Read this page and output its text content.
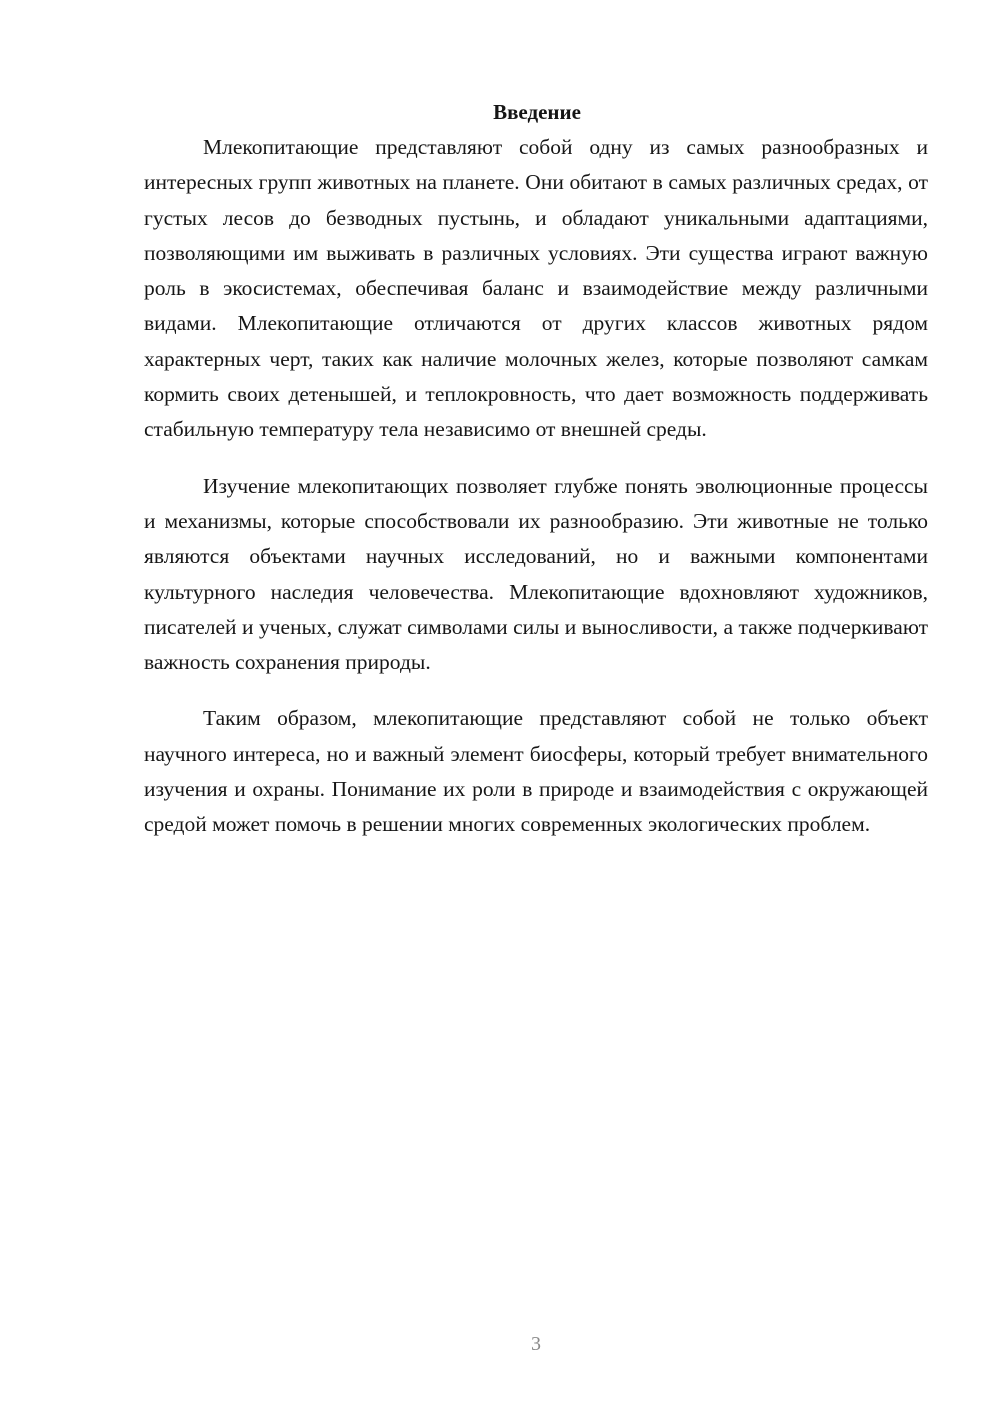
Введение

Млекопитающие представляют собой одну из самых разнообразных и интересных групп животных на планете. Они обитают в самых различных средах, от густых лесов до безводных пустынь, и обладают уникальными адаптациями, позволяющими им выживать в различных условиях. Эти существа играют важную роль в экосистемах, обеспечивая баланс и взаимодействие между различными видами. Млекопитающие отличаются от других классов животных рядом характерных черт, таких как наличие молочных желез, которые позволяют самкам кормить своих детенышей, и теплокровность, что дает возможность поддерживать стабильную температуру тела независимо от внешней среды.

Изучение млекопитающих позволяет глубже понять эволюционные процессы и механизмы, которые способствовали их разнообразию. Эти животные не только являются объектами научных исследований, но и важными компонентами культурного наследия человечества. Млекопитающие вдохновляют художников, писателей и ученых, служат символами силы и выносливости, а также подчеркивают важность сохранения природы.

Таким образом, млекопитающие представляют собой не только объект научного интереса, но и важный элемент биосферы, который требует внимательного изучения и охраны. Понимание их роли в природе и взаимодействия с окружающей средой может помочь в решении многих современных экологических проблем.

3
